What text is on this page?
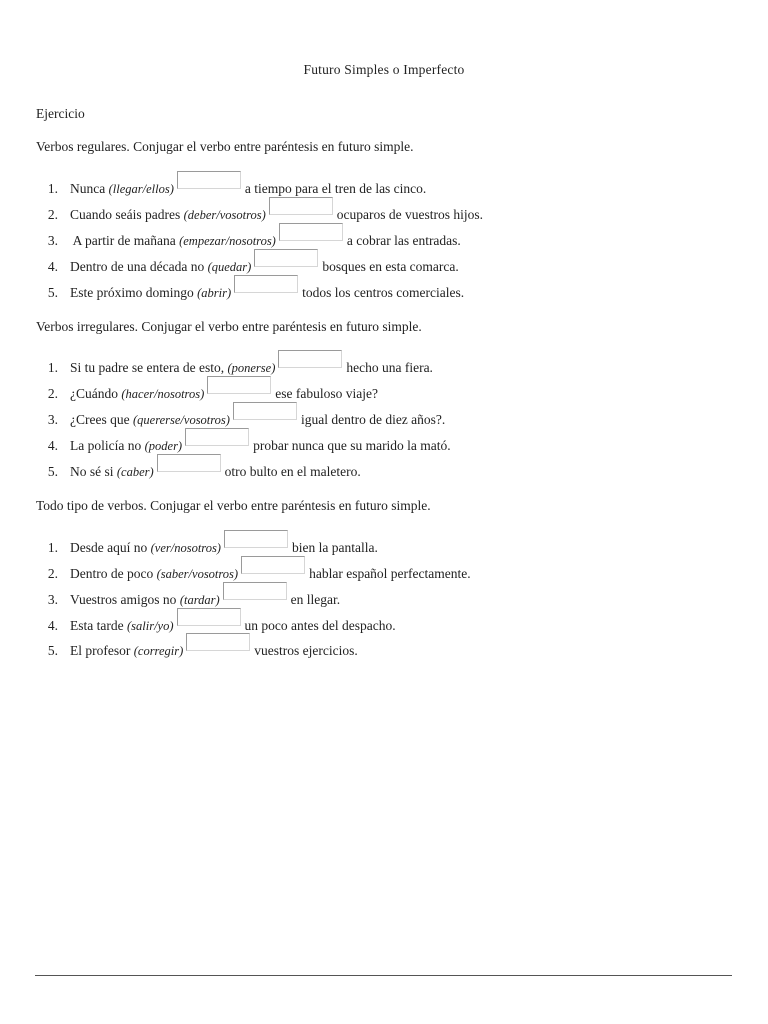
Futuro Simples o Imperfecto
Ejercicio
Verbos regulares. Conjugar el verbo entre paréntesis en futuro simple.
1. Nunca (llegar/ellos)	a tiempo para el tren de las cinco.
2. Cuando seáis padres (deber/vosotros)	ocuparos de vuestros hijos.
3. A partir de mañana (empezar/nosotros)	a cobrar las entradas.
4. Dentro de una década no (quedar)	bosques en esta comarca.
5. Este próximo domingo (abrir)	todos los centros comerciales.
Verbos irregulares. Conjugar el verbo entre paréntesis en futuro simple.
1. Si tu padre se entera de esto, (ponerse)	hecho una fiera.
2. ¿Cuándo (hacer/nosotros)	ese fabuloso viaje?
3. ¿Crees que (quererse/vosotros)	igual dentro de diez años?.
4. La policía no (poder)	probar nunca que su marido la mató.
5. No sé si (caber)	otro bulto en el maletero.
Todo tipo de verbos. Conjugar el verbo entre paréntesis en futuro simple.
1. Desde aquí no (ver/nosotros)	bien la pantalla.
2. Dentro de poco (saber/vosotros)	hablar español perfectamente.
3. Vuestros amigos no (tardar)	en llegar.
4. Esta tarde (salir/yo)	un poco antes del despacho.
5. El profesor (corregir)	vuestros ejercicios.
